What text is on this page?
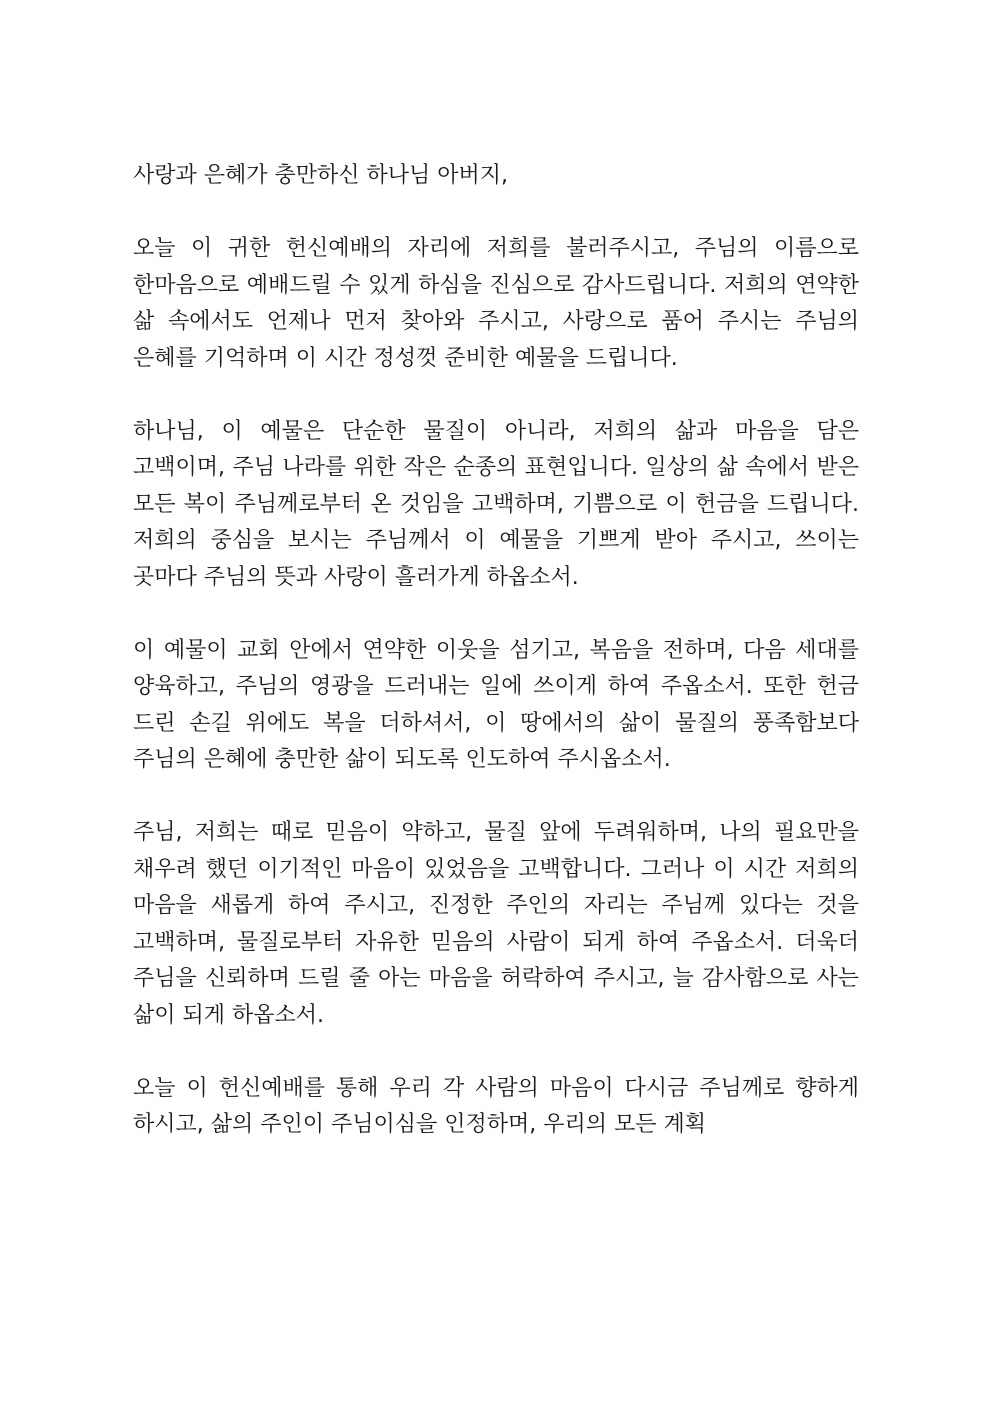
사랑과 은혜가 충만하신 하나님 아버지,

오늘 이 귀한 헌신예배의 자리에 저희를 불러주시고, 주님의 이름으로 한마음으로 예배드릴 수 있게 하심을 진심으로 감사드립니다. 저희의 연약한 삶 속에서도 언제나 먼저 찾아와 주시고, 사랑으로 품어 주시는 주님의 은혜를 기억하며 이 시간 정성껏 준비한 예물을 드립니다.

하나님, 이 예물은 단순한 물질이 아니라, 저희의 삶과 마음을 담은 고백이며, 주님 나라를 위한 작은 순종의 표현입니다. 일상의 삶 속에서 받은 모든 복이 주님께로부터 온 것임을 고백하며, 기쁨으로 이 헌금을 드립니다. 저희의 중심을 보시는 주님께서 이 예물을 기쁘게 받아 주시고, 쓰이는 곳마다 주님의 뜻과 사랑이 흘러가게 하옵소서.

이 예물이 교회 안에서 연약한 이웃을 섬기고, 복음을 전하며, 다음 세대를 양육하고, 주님의 영광을 드러내는 일에 쓰이게 하여 주옵소서. 또한 헌금 드린 손길 위에도 복을 더하셔서, 이 땅에서의 삶이 물질의 풍족함보다 주님의 은혜에 충만한 삶이 되도록 인도하여 주시옵소서.

주님, 저희는 때로 믿음이 약하고, 물질 앞에 두려워하며, 나의 필요만을 채우려 했던 이기적인 마음이 있었음을 고백합니다. 그러나 이 시간 저희의 마음을 새롭게 하여 주시고, 진정한 주인의 자리는 주님께 있다는 것을 고백하며, 물질로부터 자유한 믿음의 사람이 되게 하여 주옵소서. 더욱더 주님을 신뢰하며 드릴 줄 아는 마음을 허락하여 주시고, 늘 감사함으로 사는 삶이 되게 하옵소서.

오늘 이 헌신예배를 통해 우리 각 사람의 마음이 다시금 주님께로 향하게 하시고, 삶의 주인이 주님이심을 인정하며, 우리의 모든 계획
